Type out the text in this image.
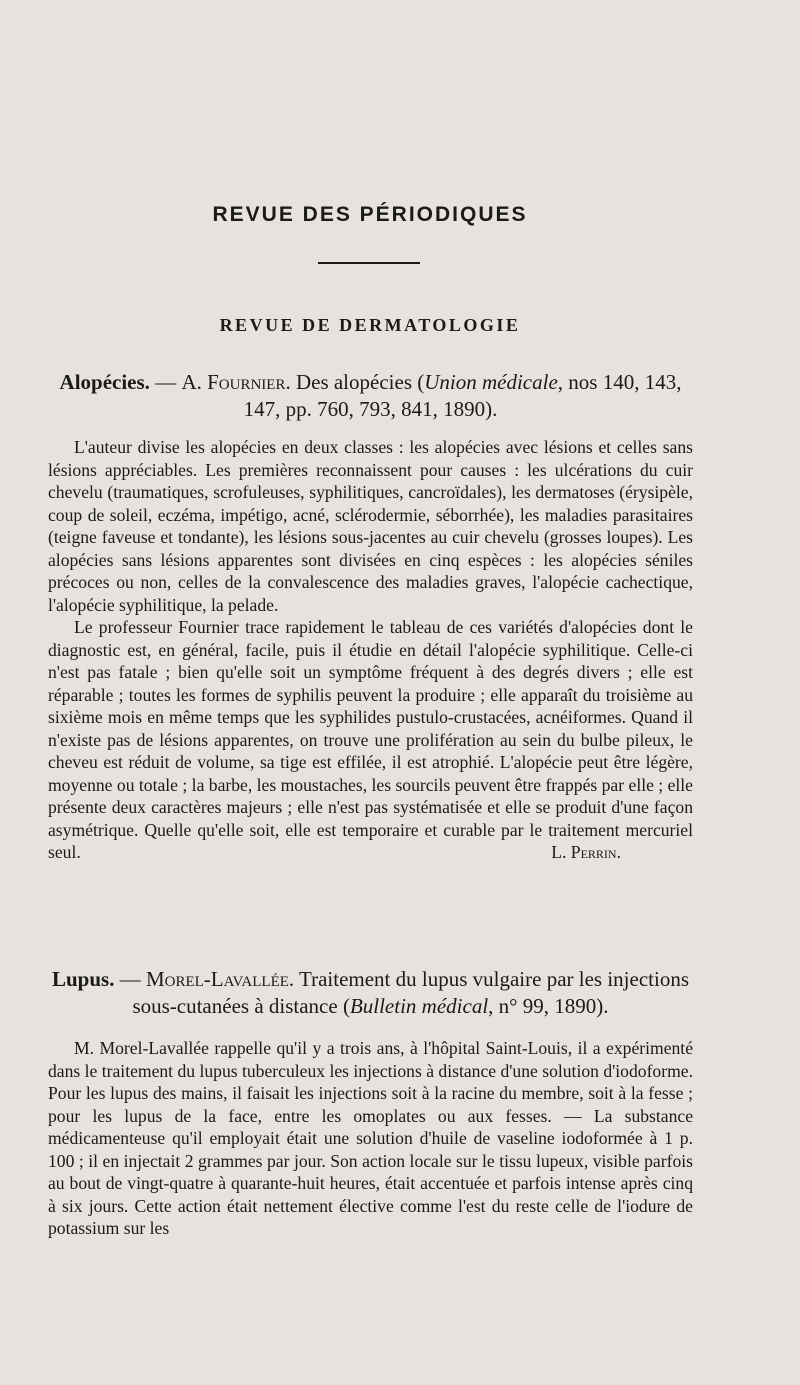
REVUE DES PÉRIODIQUES
REVUE DE DERMATOLOGIE
Alopécies. — A. Fournier. Des alopécies (Union médicale, nos 140, 143, 147, pp. 760, 793, 841, 1890).

L'auteur divise les alopécies en deux classes : les alopécies avec lésions et celles sans lésions appréciables. Les premières reconnaissent pour causes : les ulcérations du cuir chevelu (traumatiques, scrofuleuses, syphilitiques, cancroïdales), les dermatoses (érysipèle, coup de soleil, eczéma, impétigo, acné, sclérodermie, séborrhée), les maladies parasitaires (teigne faveuse et tondante), les lésions sous-jacentes au cuir chevelu (grosses loupes). Les alopécies sans lésions apparentes sont divisées en cinq espèces : les alopécies séniles précoces ou non, celles de la convalescence des maladies graves, l'alopécie cachectique, l'alopécie syphilitique, la pelade.

Le professeur Fournier trace rapidement le tableau de ces variétés d'alopécies dont le diagnostic est, en général, facile, puis il étudie en détail l'alopécie syphilitique. Celle-ci n'est pas fatale ; bien qu'elle soit un symptôme fréquent à des degrés divers ; elle est réparable ; toutes les formes de syphilis peuvent la produire ; elle apparaît du troisième au sixième mois en même temps que les syphilides pustulo-crustacées, acnéiformes. Quand il n'existe pas de lésions apparentes, on trouve une prolifération au sein du bulbe pileux, le cheveu est réduit de volume, sa tige est effilée, il est atrophié. L'alopécie peut être légère, moyenne ou totale ; la barbe, les moustaches, les sourcils peuvent être frappés par elle ; elle présente deux caractères majeurs ; elle n'est pas systématisée et elle se produit d'une façon asymétrique. Quelle qu'elle soit, elle est temporaire et curable par le traitement mercuriel seul.	L. Perrin.
Lupus. — Morel-Lavallée. Traitement du lupus vulgaire par les injections sous-cutanées à distance (Bulletin médical, n° 99, 1890).

M. Morel-Lavallée rappelle qu'il y a trois ans, à l'hôpital Saint-Louis, il a expérimenté dans le traitement du lupus tuberculeux les injections à distance d'une solution d'iodoforme. Pour les lupus des mains, il faisait les injections soit à la racine du membre, soit à la fesse ; pour les lupus de la face, entre les omoplates ou aux fesses. — La substance médicamenteuse qu'il employait était une solution d'huile de vaseline iodoformée à 1 p. 100 ; il en injectait 2 grammes par jour. Son action locale sur le tissu lupeux, visible parfois au bout de vingt-quatre à quarante-huit heures, était accentuée et parfois intense après cinq à six jours. Cette action était nettement élective comme l'est du reste celle de l'iodure de potassium sur les
